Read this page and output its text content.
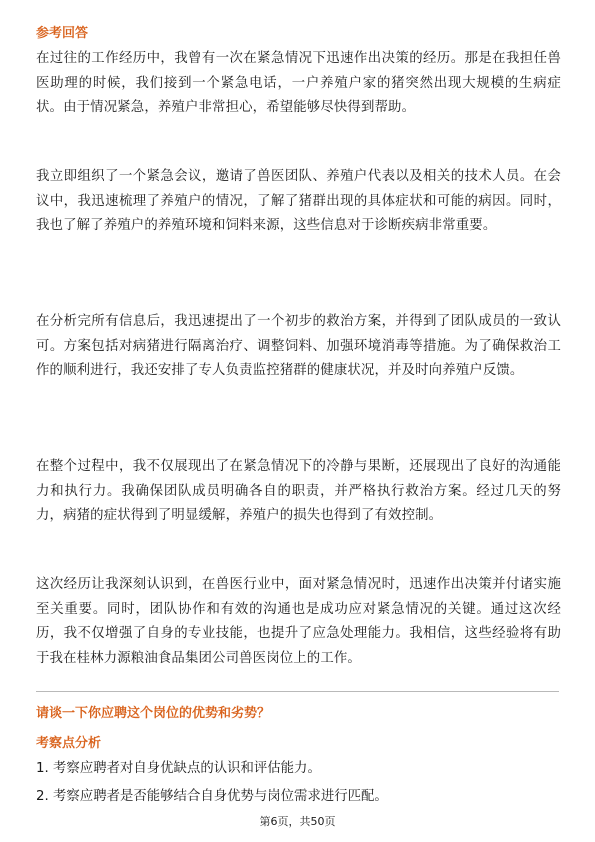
参考回答
在过往的工作经历中，我曾有一次在紧急情况下迅速作出决策的经历。那是在我担任兽医助理的时候，我们接到一个紧急电话，一户养殖户家的猪突然出现大规模的生病症状。由于情况紧急，养殖户非常担心，希望能够尽快得到帮助。
我立即组织了一个紧急会议，邀请了兽医团队、养殖户代表以及相关的技术人员。在会议中，我迅速梳理了养殖户的情况，了解了猪群出现的具体症状和可能的病因。同时，我也了解了养殖户的养殖环境和饲料来源，这些信息对于诊断疾病非常重要。
在分析完所有信息后，我迅速提出了一个初步的救治方案，并得到了团队成员的一致认可。方案包括对病猪进行隔离治疗、调整饲料、加强环境消毒等措施。为了确保救治工作的顺利进行，我还安排了专人负责监控猪群的健康状况，并及时向养殖户反馈。
在整个过程中，我不仅展现出了在紧急情况下的冷静与果断，还展现出了良好的沟通能力和执行力。我确保团队成员明确各自的职责，并严格执行救治方案。经过几天的努力，病猪的症状得到了明显缓解，养殖户的损失也得到了有效控制。
这次经历让我深刻认识到，在兽医行业中，面对紧急情况时，迅速作出决策并付诸实施至关重要。同时，团队协作和有效的沟通也是成功应对紧急情况的关键。通过这次经历，我不仅增强了自身的专业技能，也提升了应急处理能力。我相信，这些经验将有助于我在桂林力源粮油食品集团公司兽医岗位上的工作。
请谈一下你应聘这个岗位的优势和劣势？
考察点分析
1. 考察应聘者对自身优缺点的认识和评估能力。
2. 考察应聘者是否能够结合自身优势与岗位需求进行匹配。
第6页，共50页
